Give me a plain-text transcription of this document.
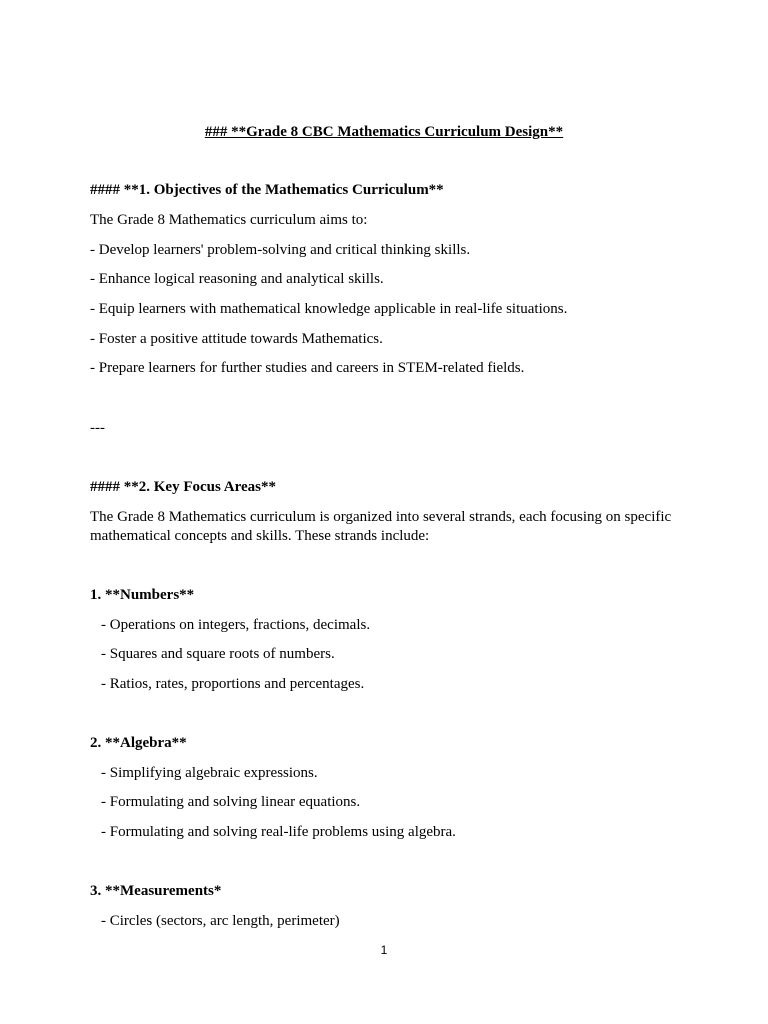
### **Grade 8 CBC Mathematics Curriculum Design**
#### **1. Objectives of the Mathematics Curriculum**
The Grade 8 Mathematics curriculum aims to:
- Develop learners' problem-solving and critical thinking skills.
- Enhance logical reasoning and analytical skills.
- Equip learners with mathematical knowledge applicable in real-life situations.
- Foster a positive attitude towards Mathematics.
- Prepare learners for further studies and careers in STEM-related fields.
---
#### **2. Key Focus Areas**
The Grade 8 Mathematics curriculum is organized into several strands, each focusing on specific
mathematical concepts and skills. These strands include:
1. **Numbers**
- Operations on integers, fractions, decimals.
- Squares and square roots of numbers.
- Ratios, rates, proportions and percentages.
2. **Algebra**
- Simplifying algebraic expressions.
- Formulating and solving linear equations.
- Formulating and solving real-life problems using algebra.
3. **Measurements*
- Circles (sectors, arc length, perimeter)
1
